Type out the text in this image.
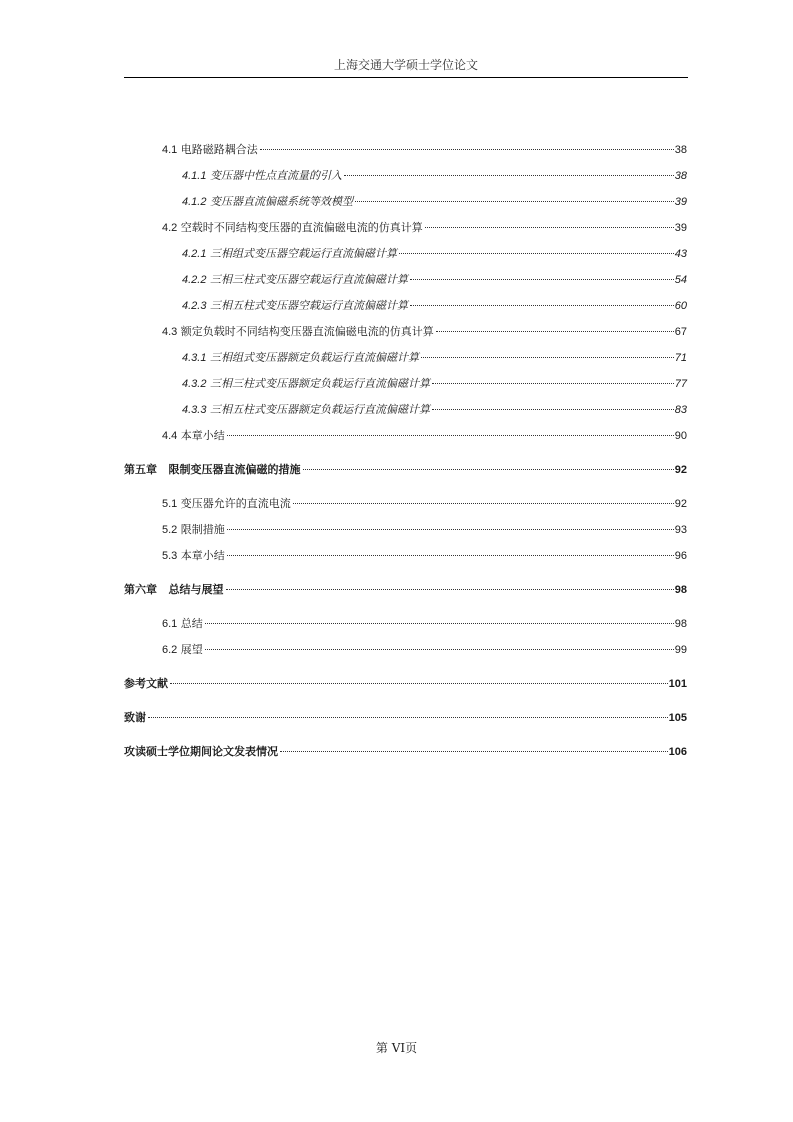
上海交通大学硕士学位论文
4.1 电路磁路耦合法	38
4.1.1 变压器中性点直流量的引入	38
4.1.2 变压器直流偏磁系统等效模型	39
4.2 空载时不同结构变压器的直流偏磁电流的仿真计算	39
4.2.1 三相组式变压器空载运行直流偏磁计算	43
4.2.2 三相三柱式变压器空载运行直流偏磁计算	54
4.2.3 三相五柱式变压器空载运行直流偏磁计算	60
4.3 额定负载时不同结构变压器直流偏磁电流的仿真计算	67
4.3.1 三相组式变压器额定负载运行直流偏磁计算	71
4.3.2 三相三柱式变压器额定负载运行直流偏磁计算	77
4.3.3 三相五柱式变压器额定负载运行直流偏磁计算	83
4.4 本章小结	90
第五章 限制变压器直流偏磁的措施	92
5.1 变压器允许的直流电流	92
5.2 限制措施	93
5.3 本章小结	96
第六章 总结与展望	98
6.1 总结	98
6.2 展望	99
参考文献	101
致谢	105
攻读硕士学位期间论文发表情况	106
第 VI页
